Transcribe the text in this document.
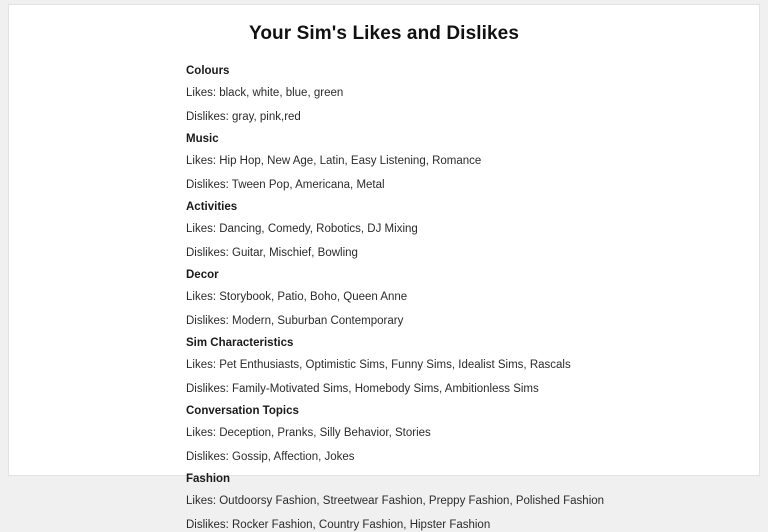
Your Sim's Likes and Dislikes
Colours
Likes: black, white, blue, green
Dislikes: gray, pink,red
Music
Likes: Hip Hop, New Age, Latin, Easy Listening, Romance
Dislikes: Tween Pop, Americana, Metal
Activities
Likes: Dancing, Comedy, Robotics, DJ Mixing
Dislikes: Guitar, Mischief, Bowling
Decor
Likes: Storybook, Patio, Boho, Queen Anne
Dislikes: Modern, Suburban Contemporary
Sim Characteristics
Likes: Pet Enthusiasts, Optimistic Sims, Funny Sims, Idealist Sims, Rascals
Dislikes: Family-Motivated Sims, Homebody Sims, Ambitionless Sims
Conversation Topics
Likes: Deception, Pranks, Silly Behavior, Stories
Dislikes: Gossip, Affection, Jokes
Fashion
Likes: Outdoorsy Fashion, Streetwear Fashion, Preppy Fashion, Polished Fashion
Dislikes: Rocker Fashion, Country Fashion, Hipster Fashion
